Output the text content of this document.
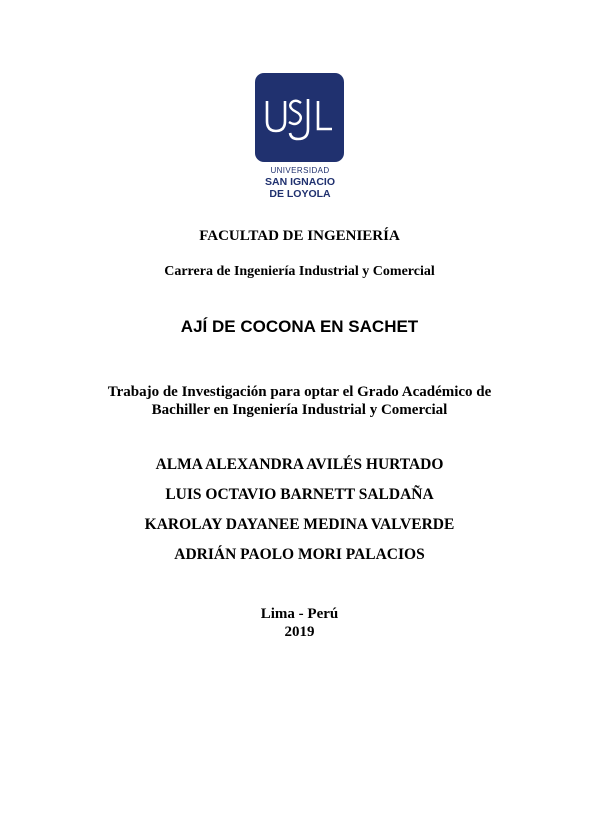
UNIVERSIDAD
SAN IGNACIO
DE LOYOLA
FACULTAD DE INGENIERÍA
Carrera de Ingeniería Industrial y Comercial
AJÍ DE COCONA EN SACHET
Trabajo de Investigación para optar el Grado Académico de
Bachiller en Ingeniería Industrial y Comercial
ALMA ALEXANDRA AVILÉS HURTADO
LUIS OCTAVIO BARNETT SALDAÑA
KAROLAY DAYANEE MEDINA VALVERDE
ADRIÁN PAOLO MORI PALACIOS
Lima - Perú
2019
